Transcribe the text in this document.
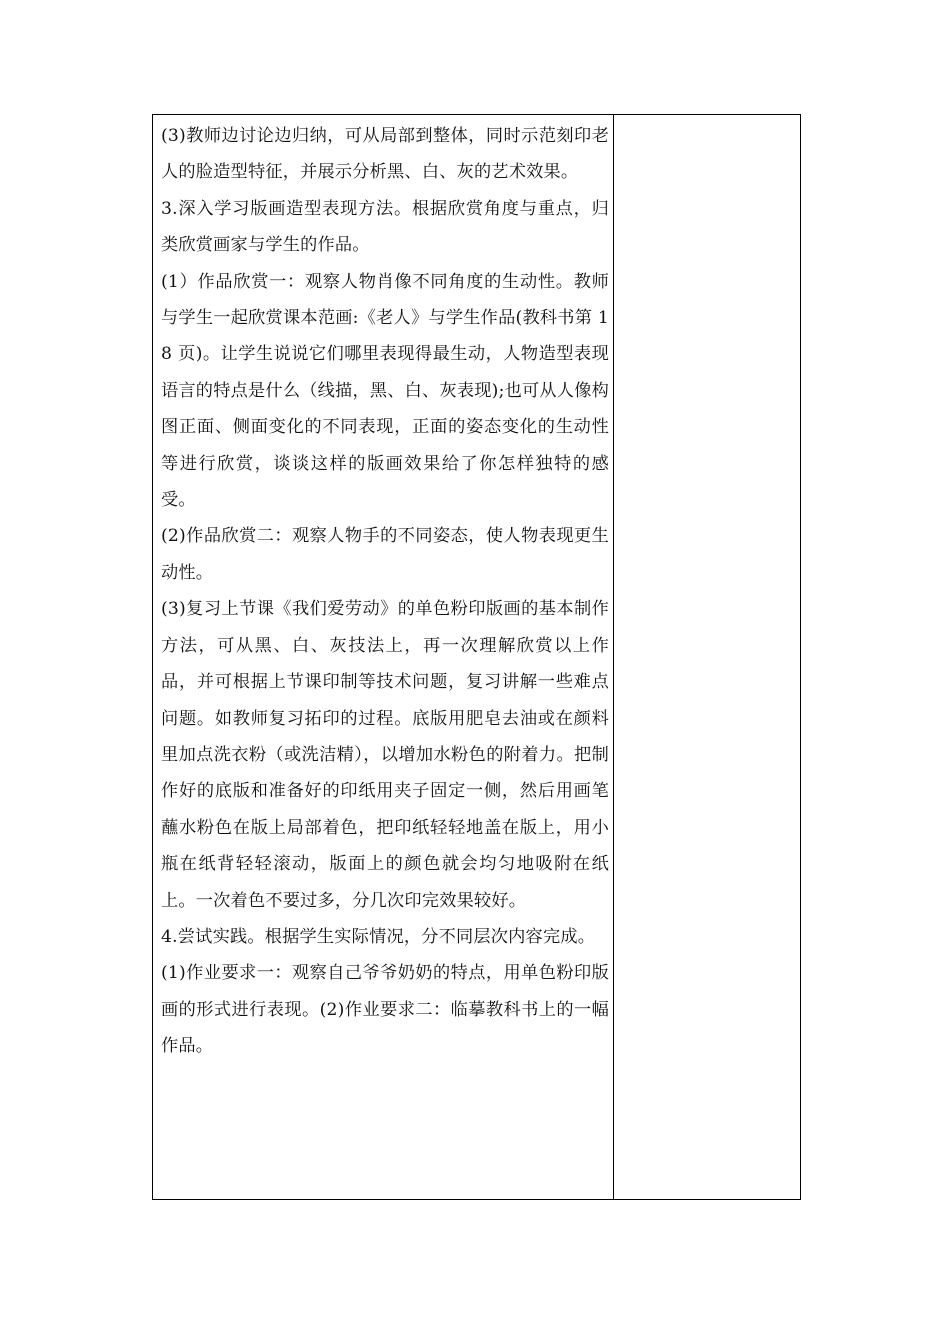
(3)教师边讨论边归纳，可从局部到整体，同时示范刻印老人的脸造型特征，并展示分析黑、白、灰的艺术效果。

3.深入学习版画造型表现方法。根据欣赏角度与重点，归类欣赏画家与学生的作品。

(1）作品欣赏一：观察人物肖像不同角度的生动性。教师与学生一起欣赏课本范画:《老人》与学生作品(教科书第 18 页)。让学生说说它们哪里表现得最生动，人物造型表现语言的特点是什么（线描，黑、白、灰表现);也可从人像构图正面、侧面变化的不同表现，正面的姿态变化的生动性等进行欣赏，谈谈这样的版画效果给了你怎样独特的感受。

(2)作品欣赏二：观察人物手的不同姿态，使人物表现更生动性。

(3)复习上节课《我们爱劳动》的单色粉印版画的基本制作方法，可从黑、白、灰技法上，再一次理解欣赏以上作品，并可根据上节课印制等技术问题，复习讲解一些难点问题。如教师复习拓印的过程。底版用肥皂去油或在颜料里加点洗衣粉（或洗洁精），以增加水粉色的附着力。把制作好的底版和准备好的印纸用夹子固定一侧，然后用画笔蘸水粉色在版上局部着色，把印纸轻轻地盖在版上，用小瓶在纸背轻轻滚动，版面上的颜色就会均匀地吸附在纸上。一次着色不要过多，分几次印完效果较好。

4.尝试实践。根据学生实际情况，分不同层次内容完成。

(1)作业要求一：观察自己爷爷奶奶的特点，用单色粉印版画的形式进行表现。(2)作业要求二：临摹教科书上的一幅作品。
